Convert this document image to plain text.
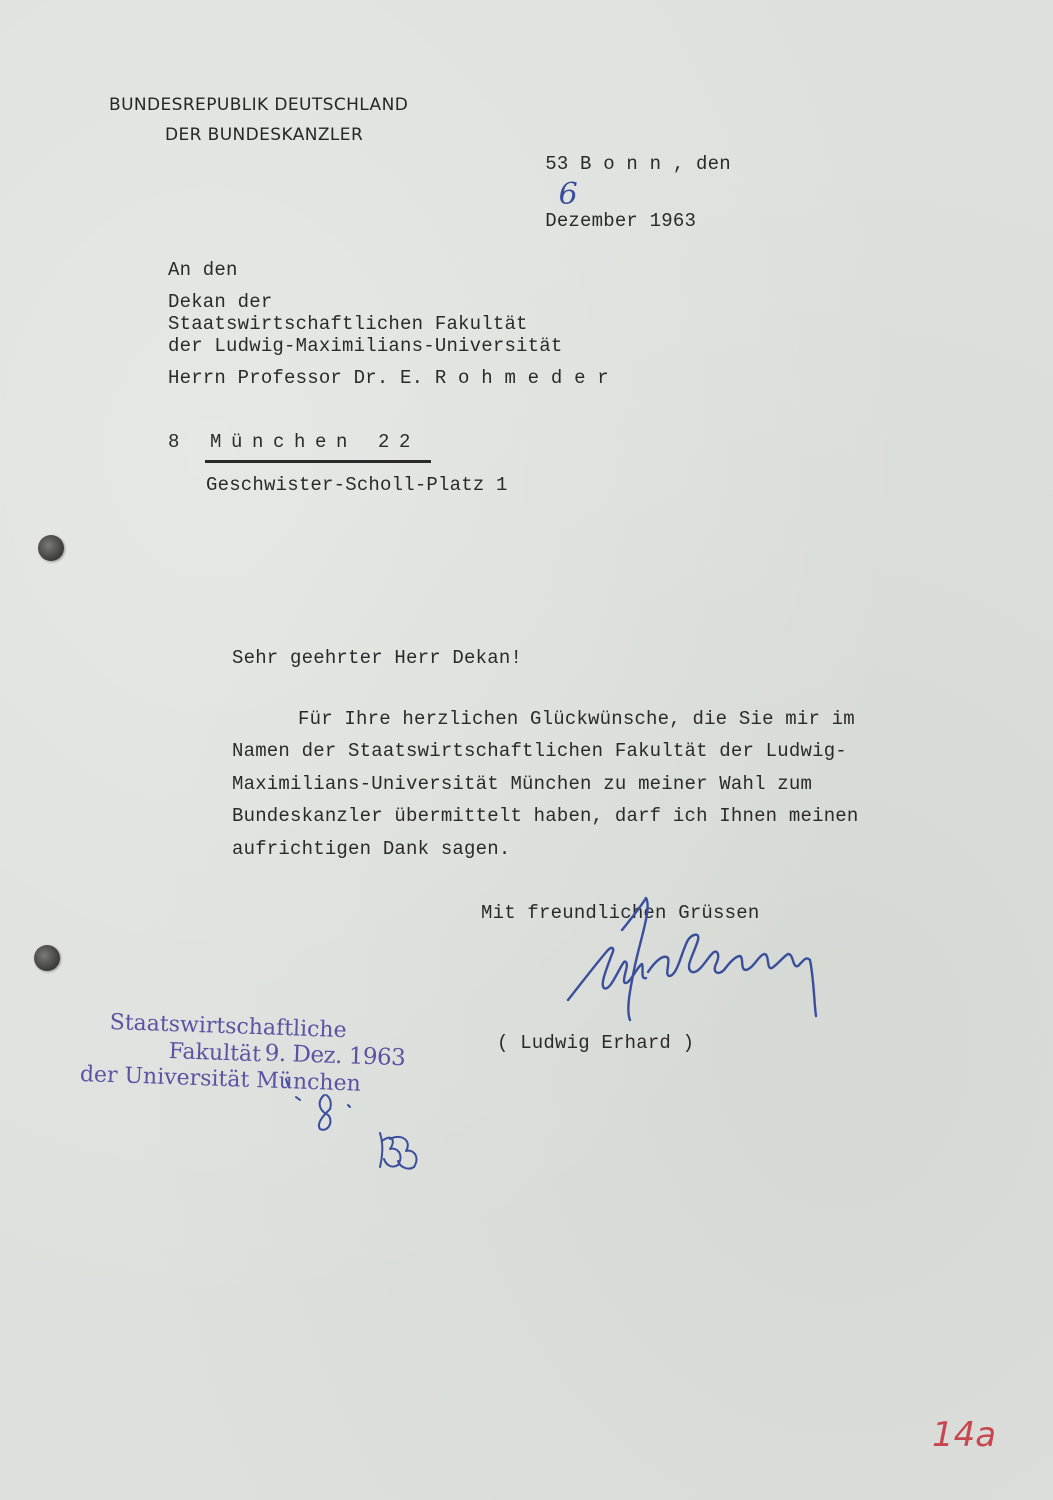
BUNDESREPUBLIK DEUTSCHLAND
DER BUNDESKANZLER

53 B o n n , den
6
Dezember 1963

An den
Dekan der
Staatswirtschaftlichen Fakultät
der Ludwig-Maximilians-Universität
Herrn Professor Dr. E. R o h m e d e r
8 München 22
Geschwister-Scholl-Platz 1
Sehr geehrter Herr Dekan!
Für Ihre herzlichen Glückwünsche, die Sie mir im
Namen der Staatswirtschaftlichen Fakultät der Ludwig-
Maximilians-Universität München zu meiner Wahl zum
Bundeskanzler übermittelt haben, darf ich Ihnen meinen
aufrichtigen Dank sagen.
Mit freundlichen Grüssen
( Ludwig Erhard )

Staatswirtschaftliche

Fakultät

9. Dez. 1963

der Universität München

14a
